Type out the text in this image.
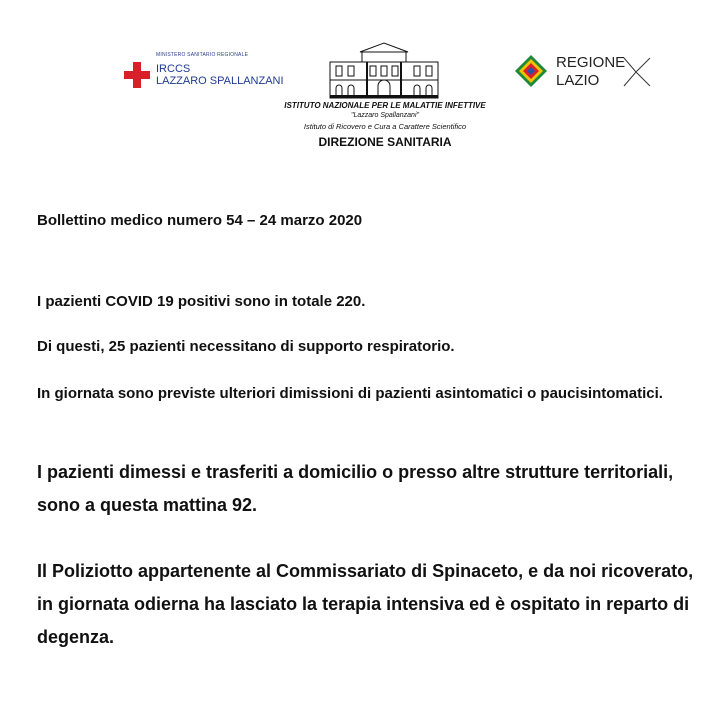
MINISTERO SANITARIO REGIONALE
IRCCS
LAZZARO SPALLANZANI
ISTITUTO NAZIONALE PER LE MALATTIE INFETTIVE
"Lazzaro Spallanzani"
Istituto di Ricovero e Cura a Carattere Scientifico
DIREZIONE SANITARIA
REGIONE
LAZIO

Bollettino medico numero 54 – 24 marzo 2020

I pazienti COVID 19 positivi sono in totale 220.

Di questi, 25 pazienti necessitano di supporto respiratorio.

In giornata sono previste ulteriori dimissioni di pazienti asintomatici o paucisintomatici.

I pazienti dimessi e trasferiti a domicilio o presso altre strutture territoriali, sono a questa mattina 92.

Il Poliziotto appartenente al Commissariato di Spinaceto, e da noi ricoverato, in giornata odierna ha lasciato la terapia intensiva ed è ospitato in reparto di degenza.
